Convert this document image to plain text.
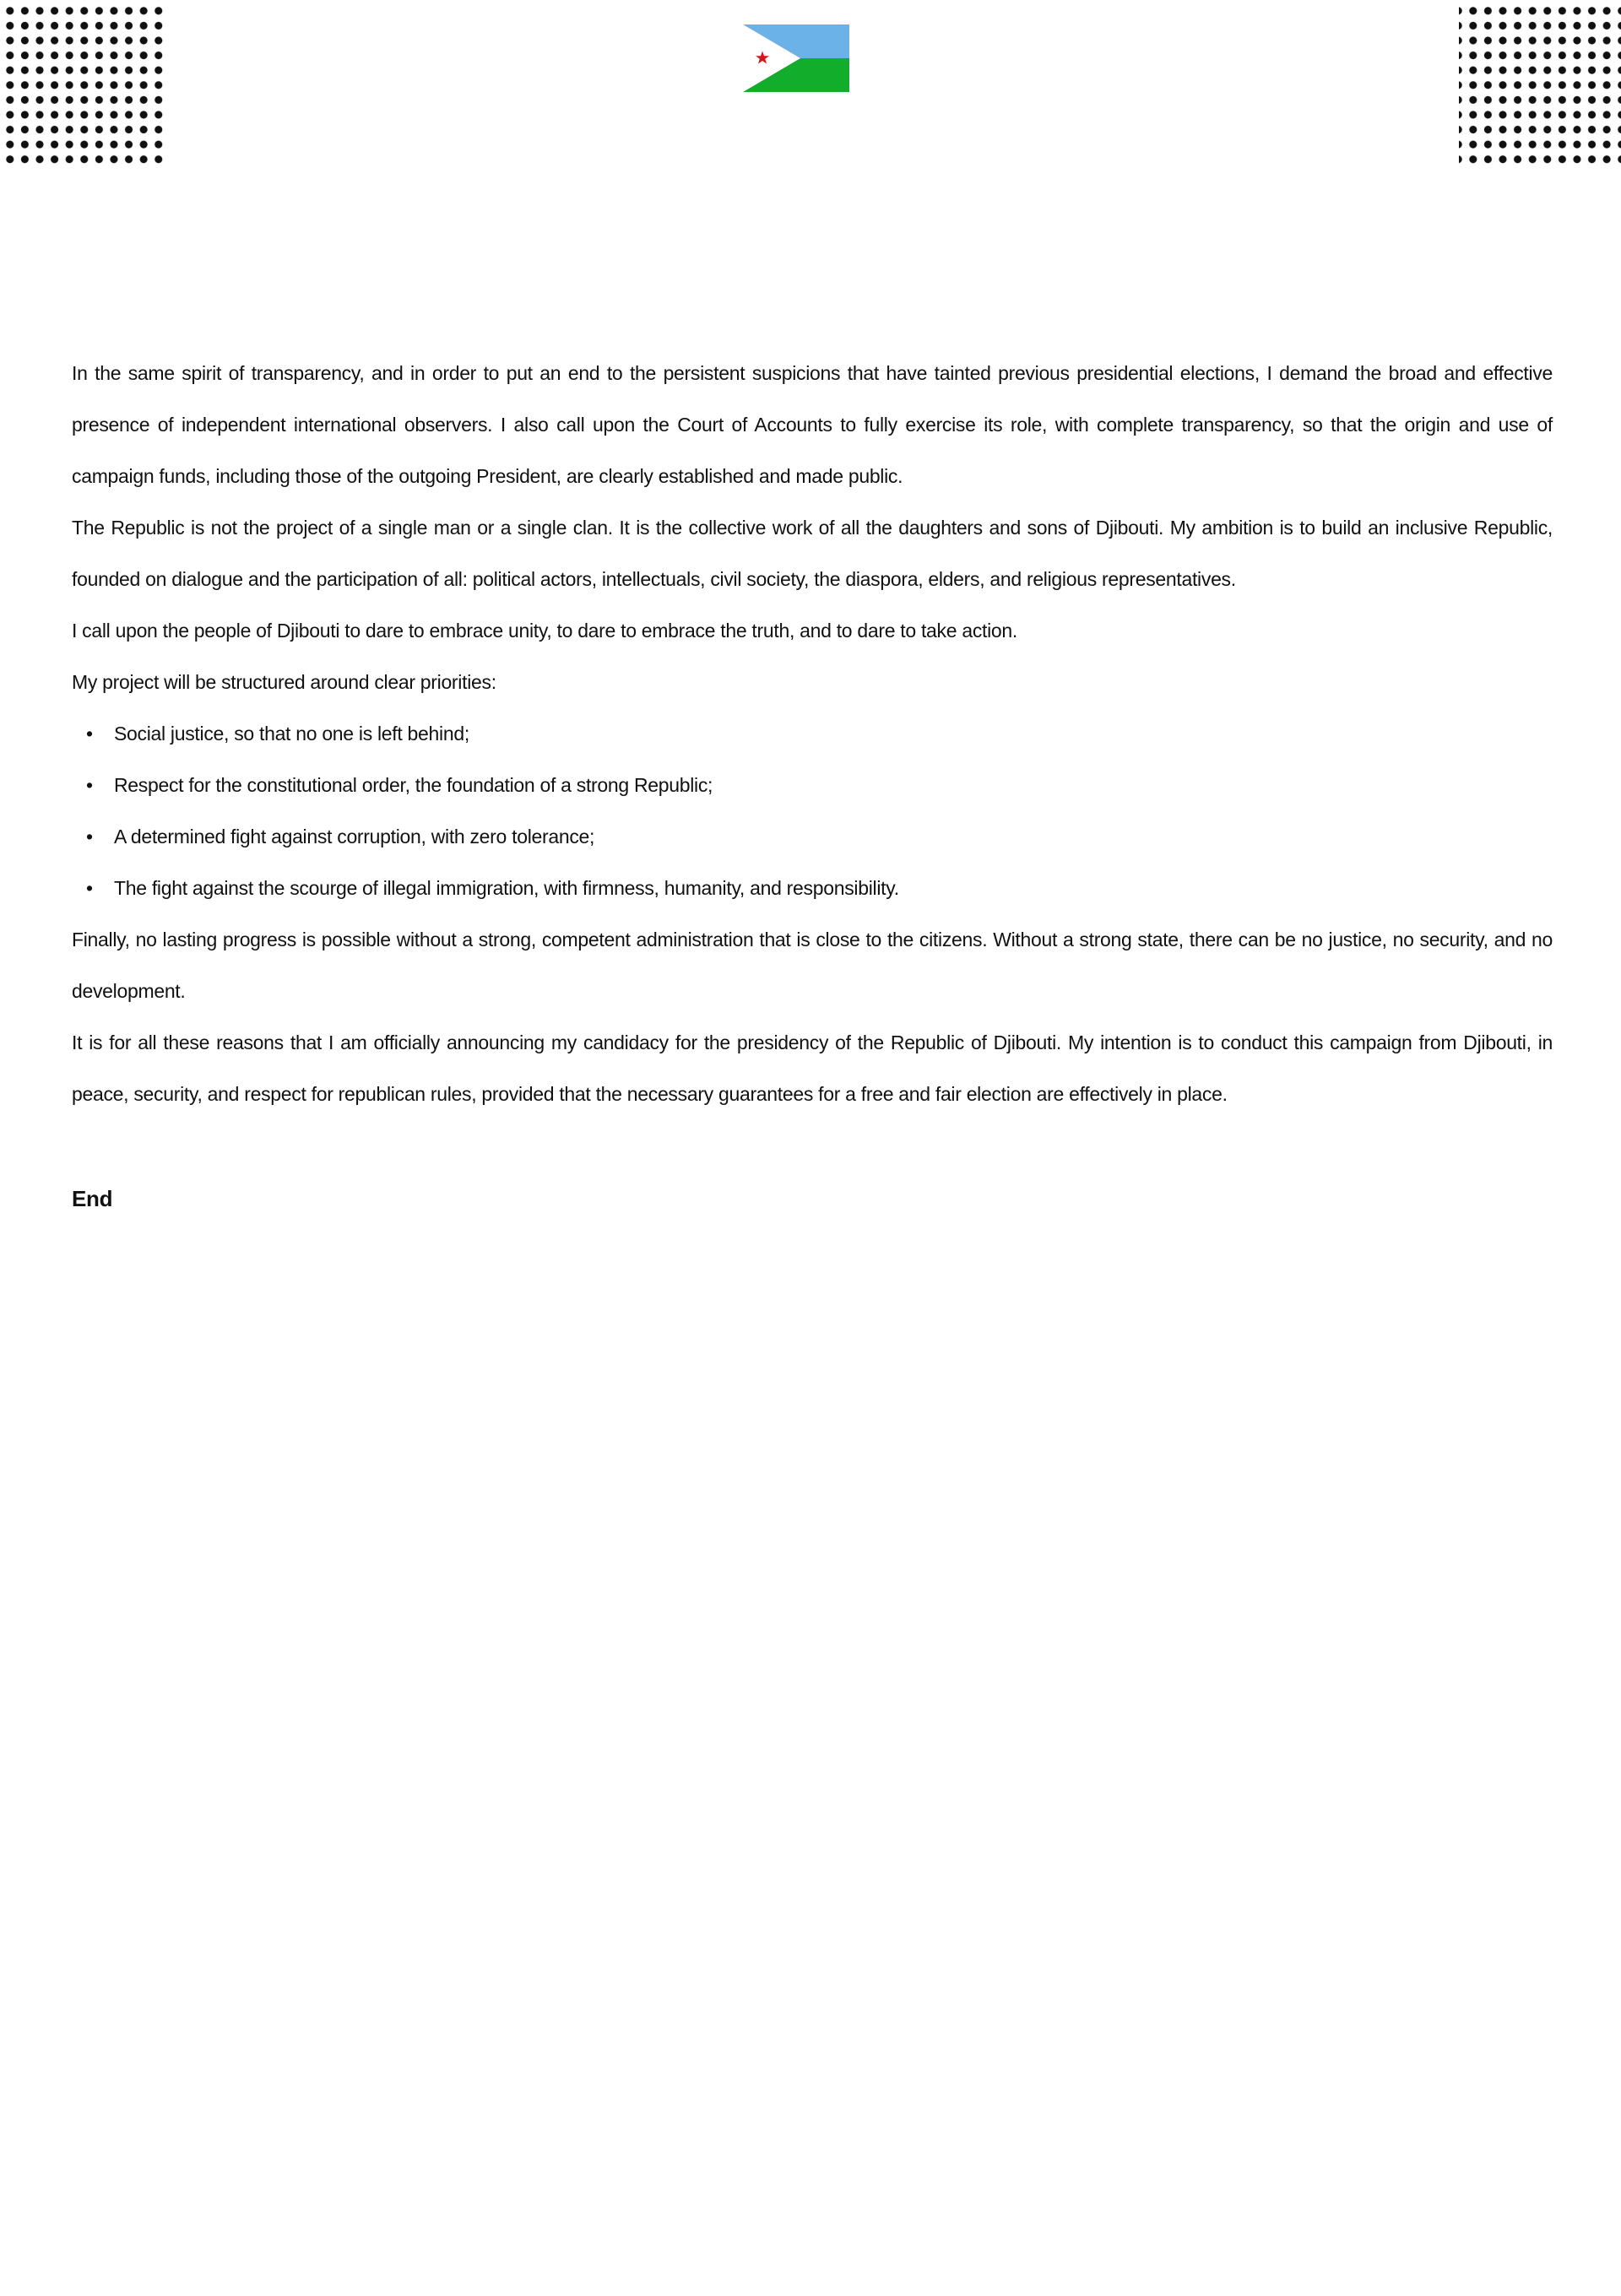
In the same spirit of transparency, and in order to put an end to the persistent suspicions that have tainted previous presidential elections, I demand the broad and effective presence of independent international observers. I also call upon the Court of Accounts to fully exercise its role, with complete transparency, so that the origin and use of campaign funds, including those of the outgoing President, are clearly established and made public.

The Republic is not the project of a single man or a single clan. It is the collective work of all the daughters and sons of Djibouti. My ambition is to build an inclusive Republic, founded on dialogue and the participation of all: political actors, intellectuals, civil society, the diaspora, elders, and religious representatives.

I call upon the people of Djibouti to dare to embrace unity, to dare to embrace the truth, and to dare to take action.

My project will be structured around clear priorities:

• Social justice, so that no one is left behind;
• Respect for the constitutional order, the foundation of a strong Republic;
• A determined fight against corruption, with zero tolerance;
• The fight against the scourge of illegal immigration, with firmness, humanity, and responsibility.

Finally, no lasting progress is possible without a strong, competent administration that is close to the citizens. Without a strong state, there can be no justice, no security, and no development.

It is for all these reasons that I am officially announcing my candidacy for the presidency of the Republic of Djibouti. My intention is to conduct this campaign from Djibouti, in peace, security, and respect for republican rules, provided that the necessary guarantees for a free and fair election are effectively in place.

End
